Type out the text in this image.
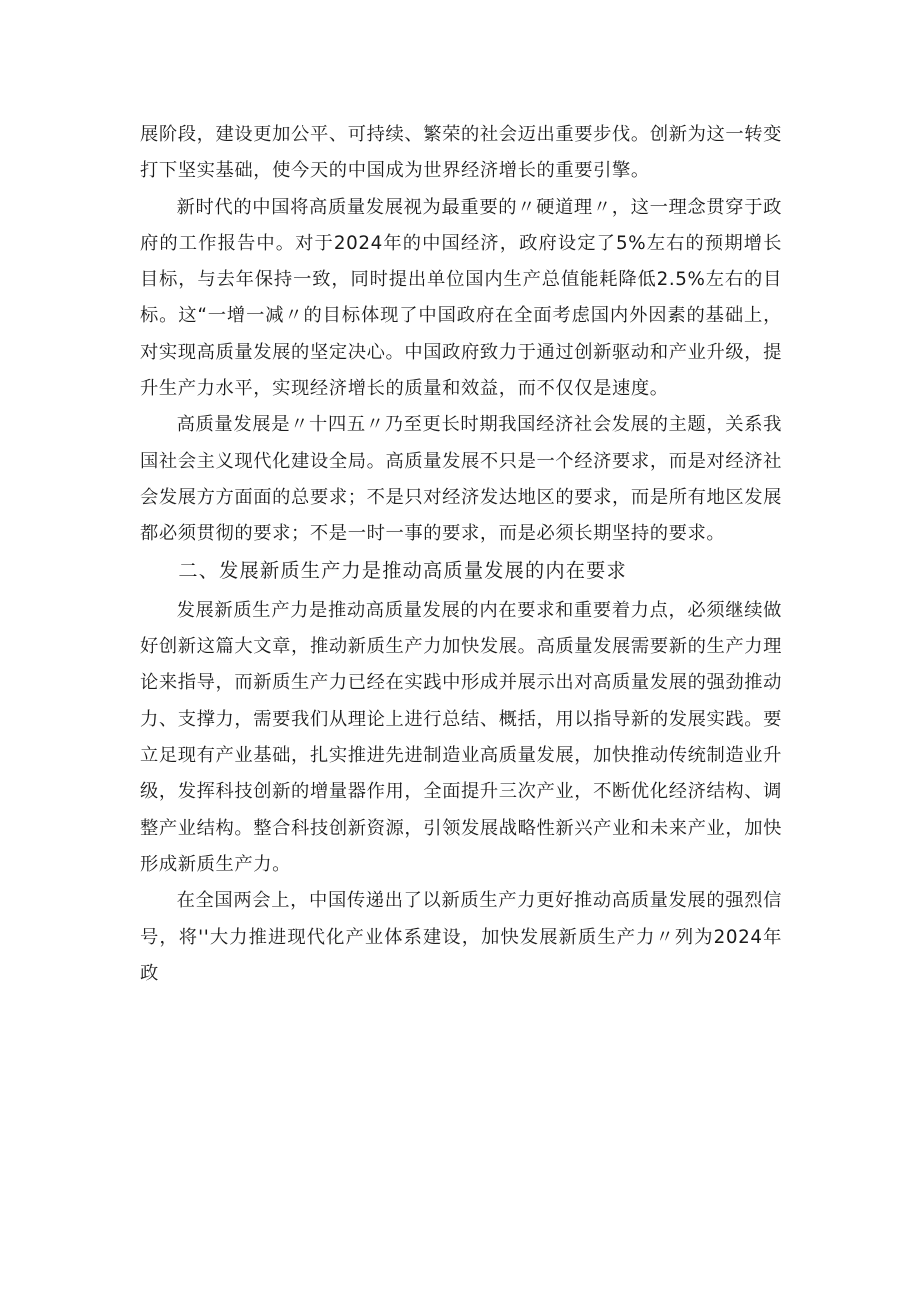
展阶段，建设更加公平、可持续、繁荣的社会迈出重要步伐。创新为这一转变打下坚实基础，使今天的中国成为世界经济增长的重要引擎。

新时代的中国将高质量发展视为最重要的〃硬道理〃，这一理念贯穿于政府的工作报告中。对于2024年的中国经济，政府设定了5%左右的预期增长目标，与去年保持一致，同时提出单位国内生产总值能耗降低2.5%左右的目标。这“一增一减〃的目标体现了中国政府在全面考虑国内外因素的基础上，对实现高质量发展的坚定决心。中国政府致力于通过创新驱动和产业升级，提升生产力水平，实现经济增长的质量和效益，而不仅仅是速度。

高质量发展是〃十四五〃乃至更长时期我国经济社会发展的主题，关系我国社会主义现代化建设全局。高质量发展不只是一个经济要求，而是对经济社会发展方方面面的总要求；不是只对经济发达地区的要求，而是所有地区发展都必须贯彻的要求；不是一时一事的要求，而是必须长期坚持的要求。

二、发展新质生产力是推动高质量发展的内在要求

发展新质生产力是推动高质量发展的内在要求和重要着力点，必须继续做好创新这篇大文章，推动新质生产力加快发展。高质量发展需要新的生产力理论来指导，而新质生产力已经在实践中形成并展示出对高质量发展的强劲推动力、支撑力，需要我们从理论上进行总结、概括，用以指导新的发展实践。要立足现有产业基础，扎实推进先进制造业高质量发展，加快推动传统制造业升级，发挥科技创新的增量器作用，全面提升三次产业，不断优化经济结构、调整产业结构。整合科技创新资源，引领发展战略性新兴产业和未来产业，加快形成新质生产力。

在全国两会上，中国传递出了以新质生产力更好推动高质量发展的强烈信号，将''大力推进现代化产业体系建设，加快发展新质生产力〃列为2024年政
